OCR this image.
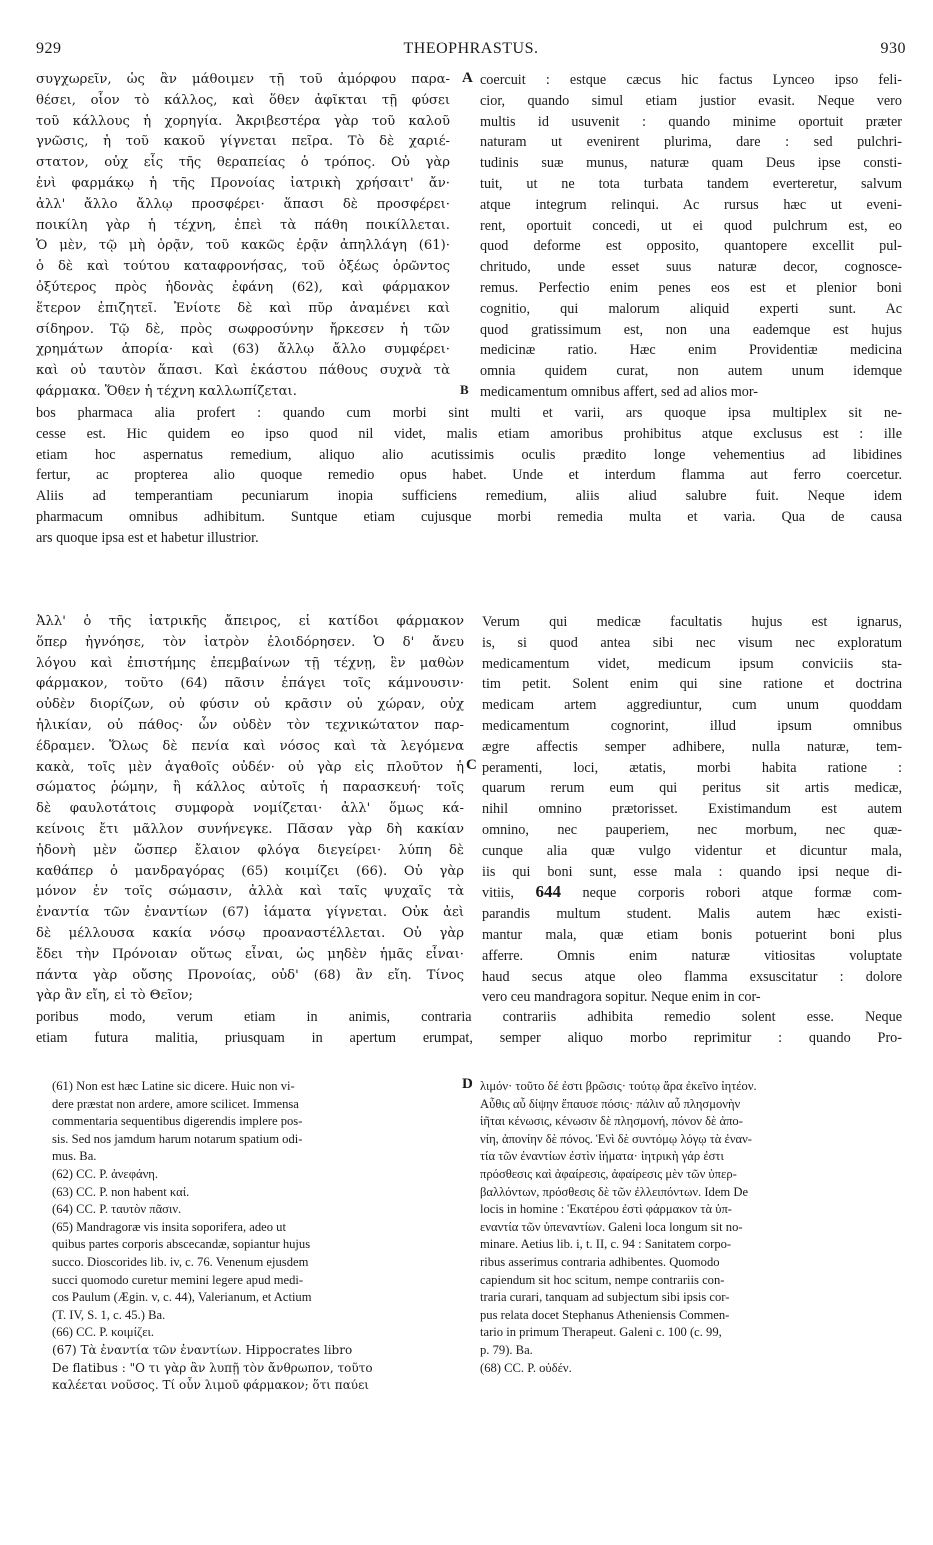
929	THEOPHRASTUS.	930
συγχωρεῖν, ὡς ἂν μάθοιμεν τῇ τοῦ ἀμόρφου παρα-
θέσει, οἷον τὸ κάλλος, καὶ ὅθεν ἀφῖκται τῇ φύσει
τοῦ κάλλους ἡ χορηγία. Ἀκριβεστέρα γὰρ τοῦ καλοῦ
γνῶσις, ἡ τοῦ κακοῦ γίγνεται πεῖρα. Τὸ δὲ χαριέ-
στατον, οὐχ εἷς τῆς θεραπείας ὁ τρόπος. Οὐ γὰρ
ἑνὶ φαρμάκῳ ἡ τῆς Προνοίας ἰατρικὴ χρήσαιτ' ἄν·
ἀλλ' ἄλλο ἄλλῳ προσφέρει· ἅπασι δὲ προσφέρει·
ποικίλη γὰρ ἡ τέχνη, ἐπεὶ τὰ πάθη ποικίλλεται.
Ὁ μὲν, τῷ μὴ ὁρᾷν, τοῦ κακῶς ἐρᾷν ἀπηλλάγη (61)·
ὁ δὲ καὶ τούτου καταφρονήσας, τοῦ ὀξέως ὁρῶντος
ὀξύτερος πρὸς ἡδονὰς ἐφάνη (62), καὶ φάρμακον
ἕτερον ἐπιζητεῖ. Ἐνίοτε δὲ καὶ πῦρ ἀναμένει καὶ
σίδηρον. Τῷ δὲ, πρὸς σωφροσύνην ἤρκεσεν ἡ τῶν
χρημάτων ἀπορία· καὶ (63) ἄλλῳ ἄλλο συμφέρει·
καὶ οὐ ταυτὸν ἅπασι. Καὶ ἑκάστου πάθους συχνὰ τὰ
φάρμακα. Ὅθεν ἡ τέχνη καλλωπίζεται.
A
B
coercuit : estque cæcus hic factus Lynceo ipso feli-
cior, quando simul etiam justior evasit. Neque vero
multis id usuvenit : quando minime oportuit præter
naturam ut evenirent plurima, dare : sed pulchri-
tudinis suæ munus, naturæ quam Deus ipse consti-
tuit, ut ne tota turbata tandem everteretur, salvum
atque integrum relinqui. Ac rursus hæc ut eveni-
rent, oportuit concedi, ut ei quod pulchrum est, eo
quod deforme est opposito, quantopere excellit pul-
chritudo, unde esset suus naturæ decor, cognosce-
remus. Perfectio enim penes eos est et plenior boni
cognitio, qui malorum aliquid experti sunt. Ac
quod gratissimum est, non una eademque est hujus
medicinæ ratio. Hæc enim Providentiæ medicina
omnia quidem curat, non autem unum idemque
medicamentum omnibus affert, sed ad alios mor-
bos pharmaca alia profert : quando cum morbi sint multi et varii, ars quoque ipsa multiplex sit ne-
cesse est. Hic quidem eo ipso quod nil videt, malis etiam amoribus prohibitus atque exclusus est : ille
etiam hoc aspernatus remedium, aliquo alio acutissimis oculis prædito longe vehementius ad libidines
fertur, ac propterea alio quoque remedio opus habet. Unde et interdum flamma aut ferro coercetur.
Aliis ad temperantiam pecuniarum inopia sufficiens remedium, aliis aliud salubre fuit. Neque idem
pharmacum omnibus adhibitum. Suntque etiam cujusque morbi remedia multa et varia. Qua de causa
ars quoque ipsa est et habetur illustrior.
Ἀλλ' ὁ τῆς ἰατρικῆς ἄπειρος, εἰ κατίδοι φάρμακον
ὅπερ ἠγνόησε, τὸν ἰατρὸν ἐλοιδόρησεν. Ὁ δ' ἄνευ
λόγου καὶ ἐπιστήμης ἐπεμβαίνων τῇ τέχνῃ, ἓν μαθὼν
φάρμακον, τοῦτο (64) πᾶσιν ἐπάγει τοῖς κάμνουσιν·
οὐδὲν διορίζων, οὐ φύσιν οὐ κρᾶσιν οὐ χώραν, οὐχ
ἡλικίαν, οὐ πάθος· ὧν οὐδὲν τὸν τεχνικώτατον παρ-
έδραμεν. Ὅλως δὲ πενία καὶ νόσος καὶ τὰ λεγόμενα
κακὰ, τοῖς μὲν ἀγαθοῖς οὐδέν· οὐ γὰρ εἰς πλοῦτον ἡ
σώματος ῥώμην, ἢ κάλλος αὐτοῖς ἡ παρασκευή· τοῖς
δὲ φαυλοτάτοις συμφορὰ νομίζεται· ἀλλ' ὅμως κά-
κείνοις ἔτι μᾶλλον συνήνεγκε. Πᾶσαν γὰρ δὴ κακίαν
ἡδονὴ μὲν ὥσπερ ἔλαιον φλόγα διεγείρει· λύπη δὲ
καθάπερ ὁ μανδραγόρας (65) κοιμίζει (66). Οὐ γὰρ
μόνον ἐν τοῖς σώμασιν, ἀλλὰ καὶ ταῖς ψυχαῖς τὰ
ἐναντία τῶν ἐναντίων (67) ἰάματα γίγνεται. Οὐκ ἀεὶ
δὲ μέλλουσα κακία νόσῳ προαναστέλλεται. Οὐ γὰρ
ἔδει τὴν Πρόνοιαν οὕτως εἶναι, ὡς μηδὲν ἡμᾶς εἶναι·
πάντα γὰρ οὔσης Προνοίας, οὐδ' (68) ἂν εἴη. Τίνος
γὰρ ἂν εἴη, εἰ τὸ Θεῖον;
C
Verum qui medicæ facultatis hujus est ignarus,
is, si quod antea sibi nec visum nec exploratum
medicamentum videt, medicum ipsum conviciis sta-
tim petit. Solent enim qui sine ratione et doctrina
medicam artem aggrediuntur, cum unum quoddam
medicamentum cognorint, illud ipsum omnibus
ægre affectis semper adhibere, nulla naturæ, tem-
peramenti, loci, ætatis, morbi habita ratione :
quarum rerum eum qui peritus sit artis medicæ,
nihil omnino prætorisset. Existimandum est autem
omnino, nec pauperiem, nec morbum, nec quæ-
cunque alia quæ vulgo videntur et dicuntur mala,
iis qui boni sunt, esse mala : quando ipsi neque di-
vitiis, 644 neque corporis robori atque formæ com-
parandis multum student. Malis autem hæc existi-
mantur mala, quæ etiam bonis potuerint boni plus
afferre. Omnis enim naturæ vitiositas voluptate
haud secus atque oleo flamma exsuscitatur : dolore
vero ceu mandragora sopitur. Neque enim in cor-
poribus modo, verum etiam in animis, contraria contrariis adhibita remedio solent esse. Neque
etiam futura malitia, priusquam in apertum erumpat, semper aliquo morbo reprimitur : quando Pro-
(61) Non est hæc Latine sic dicere. Huic non vi-
dere præstat non ardere, amore scilicet. Immensa
commentaria sequentibus digerendis implere pos-
sis. Sed nos jamdum harum notarum spatium odi-
mus. Ba.
(62) CC. P. ἀνεφάνη.
(63) CC. P. non habent καί.
(64) CC. P. ταυτὸν πᾶσιν.
(65) Mandragoræ vis insita soporifera, adeo ut
quibus partes corporis abscecandæ, sopiantur hujus
succo. Dioscorides lib. iv, c. 76. Venenum ejusdem
succi quomodo curetur memini legere apud medi-
cos Paulum (Ægin. v, c. 44), Valerianum, et Actium
(T. IV, S. 1, c. 45.) Ba.
(66) CC. P. κοιμίζει.
(67) Τὰ ἐναντία τῶν ἐναντίων. Hippocrates libro
De flatibus : "Ο τι γὰρ ἂν λυπῇ τὸν ἄνθρωπον, τοῦτο
καλέεται νοῦσος. Τί οὖν λιμοῦ φάρμακον; ὅτι παύει
D λιμόν· τοῦτο δέ ἐστι βρῶσις· τούτῳ ἄρα ἐκεῖνο ἰητέον.
Αὖθις αὖ δίψην ἔπαυσε πόσις· πάλιν αὖ πλησμονὴν
ἰῆται κένωσις, κένωσιν δὲ πλησμονή, πόνον δὲ ἀπο-
νίη, ἀπονίην δὲ πόνος. Ἑνὶ δὲ συντόμῳ λόγῳ τὰ ἐναν-
τία τῶν ἐναντίων ἐστὶν ἰήματα· ἰητρικὴ γάρ ἐστι
πρόσθεσις καὶ ἀφαίρεσις, ἀφαίρεσις μὲν τῶν ὑπερ-
βαλλόντων, πρόσθεσις δὲ τῶν ἐλλειπόντων. Idem De
locis in homine : Ἑκατέρου ἐστὶ φάρμακον τὰ ὑπ-
εναντία τῶν ὑπεναντίων. Galeni loca longum sit no-
minare. Aetius lib. i, t. II, c. 94 : Sanitatem corpo-
ribus asserimus contraria adhibentes. Quomodo
capiendum sit hoc scitum, nempe contrariis con-
traria curari, tanquam ad subjectum sibi ipsis cor-
pus relata docet Stephanus Atheniensis Commen-
tario in primum Therapeut. Galeni c. 100 (c. 99,
p. 79). Ba.
(68) CC. P. οὐδέν.
